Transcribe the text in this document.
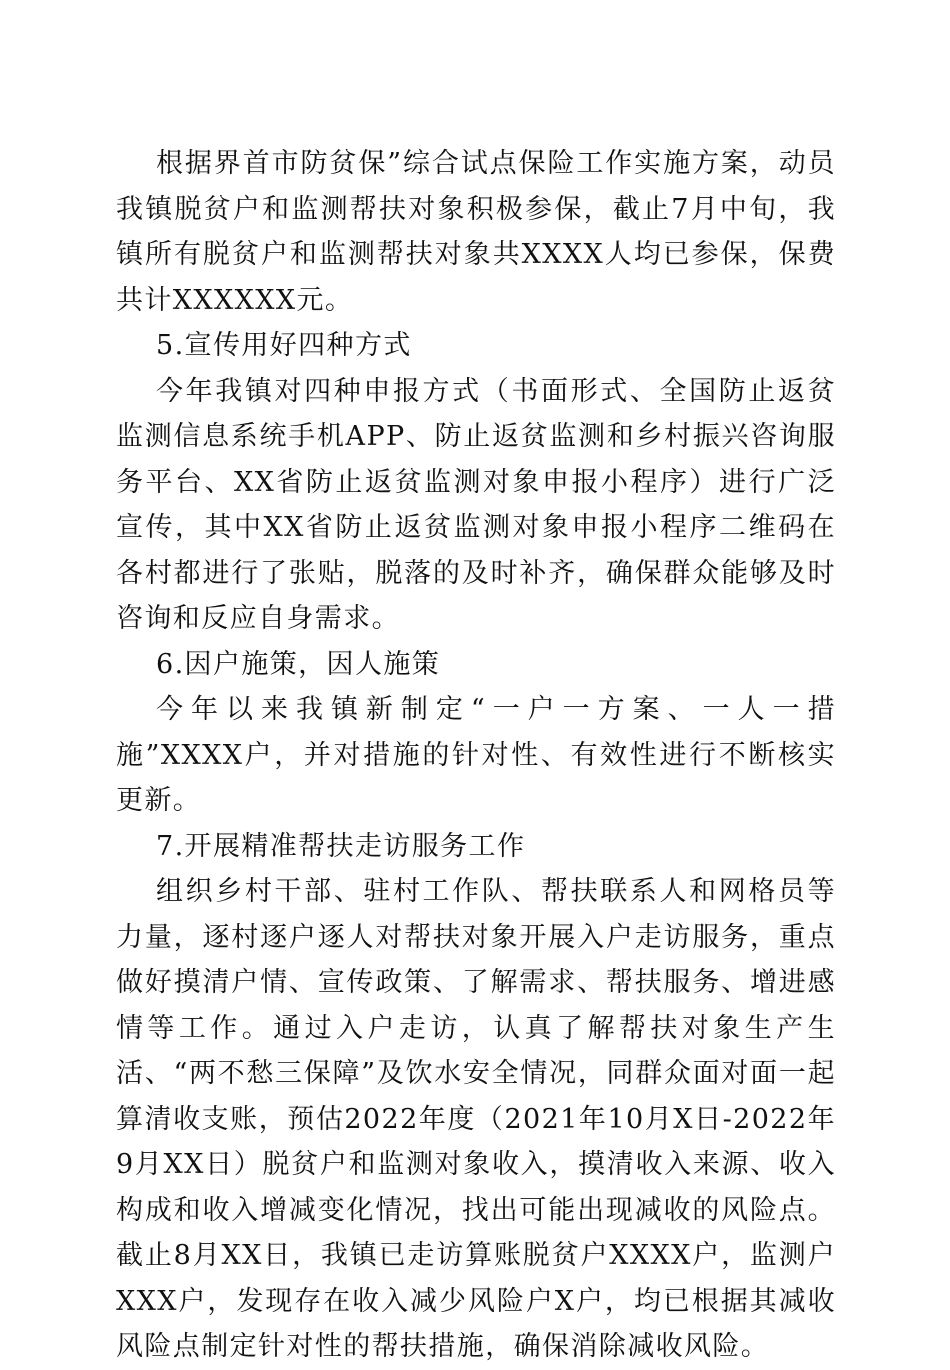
根据界首市防贫保”综合试点保险工作实施方案，动员我镇脱贫户和监测帮扶对象积极参保，截止7月中旬，我镇所有脱贫户和监测帮扶对象共XXXX人均已参保，保费共计XXXXXX元。

5.宣传用好四种方式

今年我镇对四种申报方式（书面形式、全国防止返贫监测信息系统手机APP、防止返贫监测和乡村振兴咨询服务平台、XX省防止返贫监测对象申报小程序）进行广泛宣传，其中XX省防止返贫监测对象申报小程序二维码在各村都进行了张贴，脱落的及时补齐，确保群众能够及时咨询和反应自身需求。

6.因户施策，因人施策

今年以来我镇新制定“一户一方案、一人一措施”XXXX户，并对措施的针对性、有效性进行不断核实更新。

7.开展精准帮扶走访服务工作

组织乡村干部、驻村工作队、帮扶联系人和网格员等力量，逐村逐户逐人对帮扶对象开展入户走访服务，重点做好摸清户情、宣传政策、了解需求、帮扶服务、增进感情等工作。通过入户走访，认真了解帮扶对象生产生活、“两不愁三保障”及饮水安全情况，同群众面对面一起算清收支账，预估2022年度（2021年10月X日-2022年9月XX日）脱贫户和监测对象收入，摸清收入来源、收入构成和收入增减变化情况，找出可能出现减收的风险点。截止8月XX日，我镇已走访算账脱贫户XXXX户，监测户XXX户，发现存在收入减少风险户X户，均已根据其减收风险点制定针对性的帮扶措施，确保消除减收风险。
